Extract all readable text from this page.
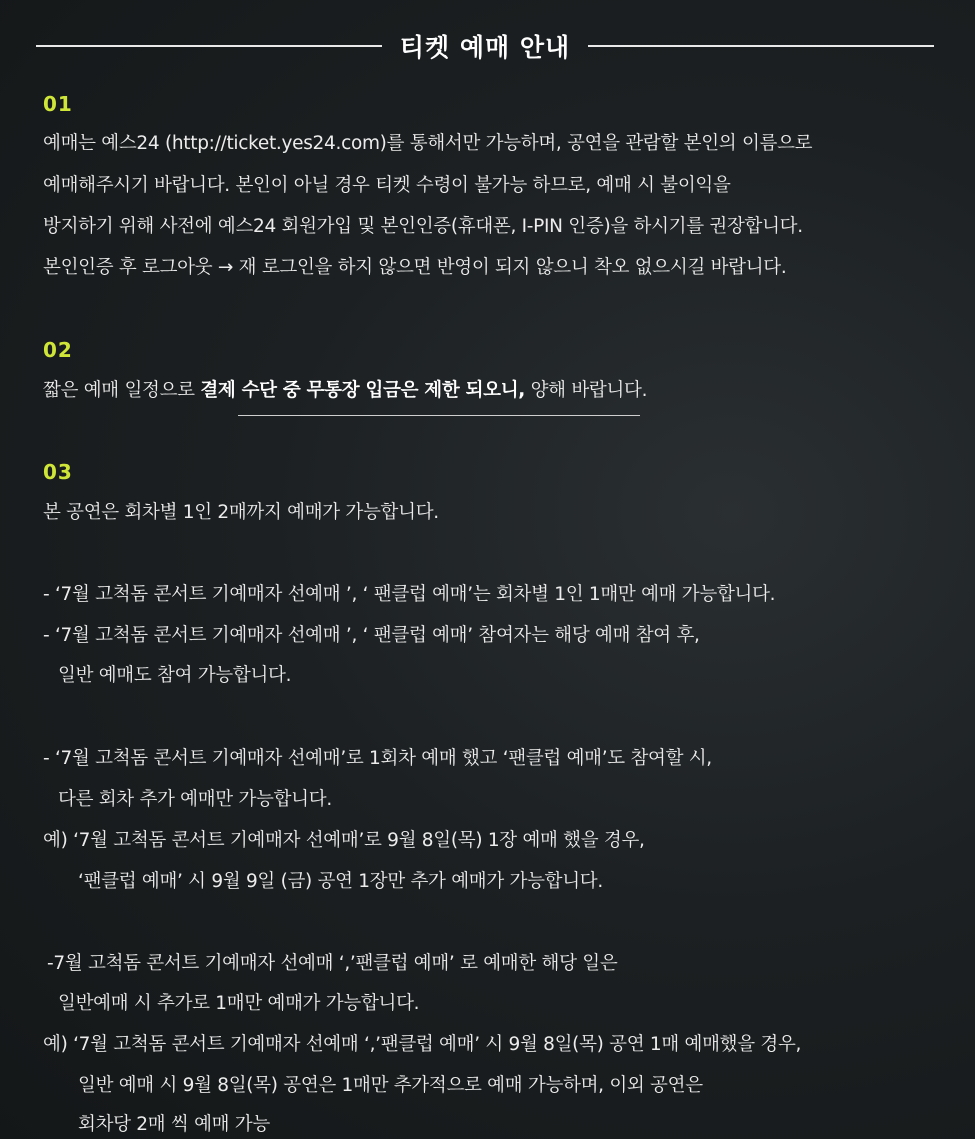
티켓 예매 안내
01
예매는 예스24 (http://ticket.yes24.com)를 통해서만 가능하며, 공연을 관람할 본인의 이름으로
예매해주시기 바랍니다. 본인이 아닐 경우 티켓 수령이 불가능 하므로, 예매 시 불이익을
방지하기 위해 사전에 예스24 회원가입 및 본인인증(휴대폰, I-PIN 인증)을 하시기를 권장합니다.
본인인증 후 로그아웃 → 재 로그인을 하지 않으면 반영이 되지 않으니 착오 없으시길 바랍니다.
02
짧은 예매 일정으로 결제 수단 중 무통장 입금은 제한 되오니, 양해 바랍니다.
03
본 공연은 회차별 1인 2매까지 예매가 가능합니다.
- ‘7월 고척돔 콘서트 기예매자 선예매 ’, ‘ 팬클럽 예매’는 회차별 1인 1매만 예매 가능합니다.
- ‘7월 고척돔 콘서트 기예매자 선예매 ’, ‘ 팬클럽 예매’ 참여자는 해당 예매 참여 후,
일반 예매도 참여 가능합니다.
- ‘7월 고척돔 콘서트 기예매자 선예매’로 1회차 예매 했고 ‘팬클럽 예매’도 참여할 시,
다른 회차 추가 예매만 가능합니다.
예) ‘7월 고척돔 콘서트 기예매자 선예매’로 9월 8일(목) 1장 예매 했을 경우,
‘팬클럽 예매’ 시 9월 9일 (금) 공연 1장만 추가 예매가 가능합니다.
-7월 고척돔 콘서트 기예매자 선예매 ‘,’팬클럽 예매’ 로 예매한 해당 일은
일반예매 시 추가로 1매만 예매가 가능합니다.
예) ‘7월 고척돔 콘서트 기예매자 선예매 ‘,’팬클럽 예매’ 시 9월 8일(목) 공연 1매 예매했을 경우,
일반 예매 시 9월 8일(목) 공연은 1매만 추가적으로 예매 가능하며, 이외 공연은
회차당 2매 씩 예매 가능
